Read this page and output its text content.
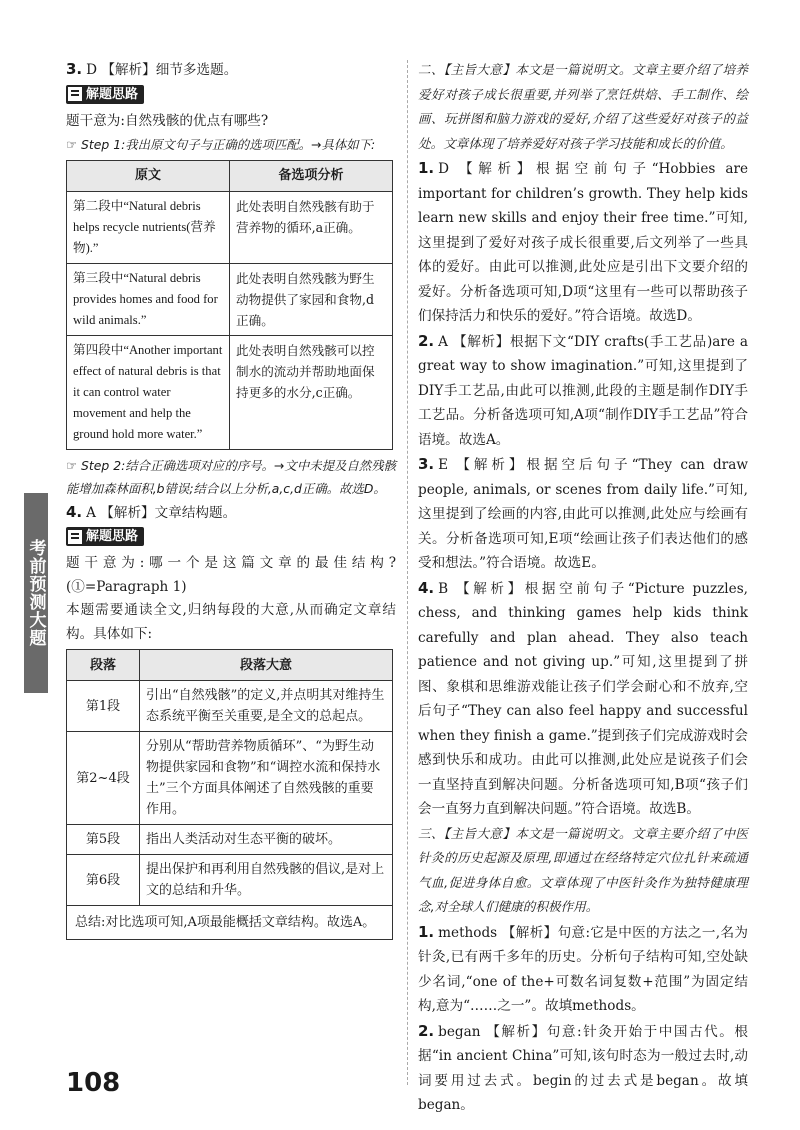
考前预测大题

3. D 【解析】细节多选题。

解题思路

题干意为:自然残骸的优点有哪些?

☞ Step 1:我出原文句子与正确的选项匹配。→具体如下:

原文	备选项分析
第二段中“Natural debris helps recycle nutrients(营养物).”	此处表明自然残骸有助于营养物的循环,a正确。
第三段中“Natural debris provides homes and food for wild animals.”	此处表明自然残骸为野生动物提供了家园和食物,d正确。
第四段中“Another important effect of natural debris is that it can control water movement and help the ground hold more water.”	此处表明自然残骸可以控制水的流动并帮助地面保持更多的水分,c正确。

☞ Step 2:结合正确选项对应的序号。→文中未提及自然残骸能增加森林面积,b错误;结合以上分析,a,c,d正确。故选D。

4. A 【解析】文章结构题。

解题思路

题干意为:哪一个是这篇文章的最佳结构?(①=Paragraph 1)

本题需要通读全文,归纳每段的大意,从而确定文章结构。具体如下:

段落	段落大意
第1段	引出“自然残骸”的定义,并点明其对维持生态系统平衡至关重要,是全文的总起点。
第2~4段	分别从“帮助营养物质循环”、“为野生动物提供家园和食物”和“调控水流和保持水土”三个方面具体阐述了自然残骸的重要作用。
第5段	指出人类活动对生态平衡的破坏。
第6段	提出保护和再利用自然残骸的倡议,是对上文的总结和升华。
总结:对比选项可知,A项最能概括文章结构。故选A。	

二、【主旨大意】本文是一篇说明文。文章主要介绍了培养爱好对孩子成长很重要,并列举了烹饪烘焙、手工制作、绘画、玩拼图和脑力游戏的爱好,介绍了这些爱好对孩子的益处。文章体现了培养爱好对孩子学习技能和成长的价值。

1. D 【解析】根据空前句子“Hobbies are important for children’s growth. They help kids learn new skills and enjoy their free time.”可知,这里提到了爱好对孩子成长很重要,后文列举了一些具体的爱好。由此可以推测,此处应是引出下文要介绍的爱好。分析备选项可知,D项“这里有一些可以帮助孩子们保持活力和快乐的爱好。”符合语境。故选D。

2. A 【解析】根据下文“DIY crafts(手工艺品)are a great way to show imagination.”可知,这里提到了DIY手工艺品,由此可以推测,此段的主题是制作DIY手工艺品。分析备选项可知,A项“制作DIY手工艺品”符合语境。故选A。

3. E 【解析】根据空后句子“They can draw people, animals, or scenes from daily life.”可知,这里提到了绘画的内容,由此可以推测,此处应与绘画有关。分析备选项可知,E项“绘画让孩子们表达他们的感受和想法。”符合语境。故选E。

4. B 【解析】根据空前句子“Picture puzzles, chess, and thinking games help kids think carefully and plan ahead. They also teach patience and not giving up.”可知,这里提到了拼图、象棋和思维游戏能让孩子们学会耐心和不放弃,空后句子“They can also feel happy and successful when they finish a game.”提到孩子们完成游戏时会感到快乐和成功。由此可以推测,此处应是说孩子们会一直坚持直到解决问题。分析备选项可知,B项“孩子们会一直努力直到解决问题。”符合语境。故选B。

三、【主旨大意】本文是一篇说明文。文章主要介绍了中医针灸的历史起源及原理,即通过在经络特定穴位扎针来疏通气血,促进身体自愈。文章体现了中医针灸作为独特健康理念,对全球人们健康的积极作用。

1. methods 【解析】句意:它是中医的方法之一,名为针灸,已有两千多年的历史。分析句子结构可知,空处缺少名词,“one of the+可数名词复数+范围”为固定结构,意为“……之一”。故填methods。

2. began 【解析】句意:针灸开始于中国古代。根据“in ancient China”可知,该句时态为一般过去时,动词要用过去式。begin的过去式是began。故填began。

108
